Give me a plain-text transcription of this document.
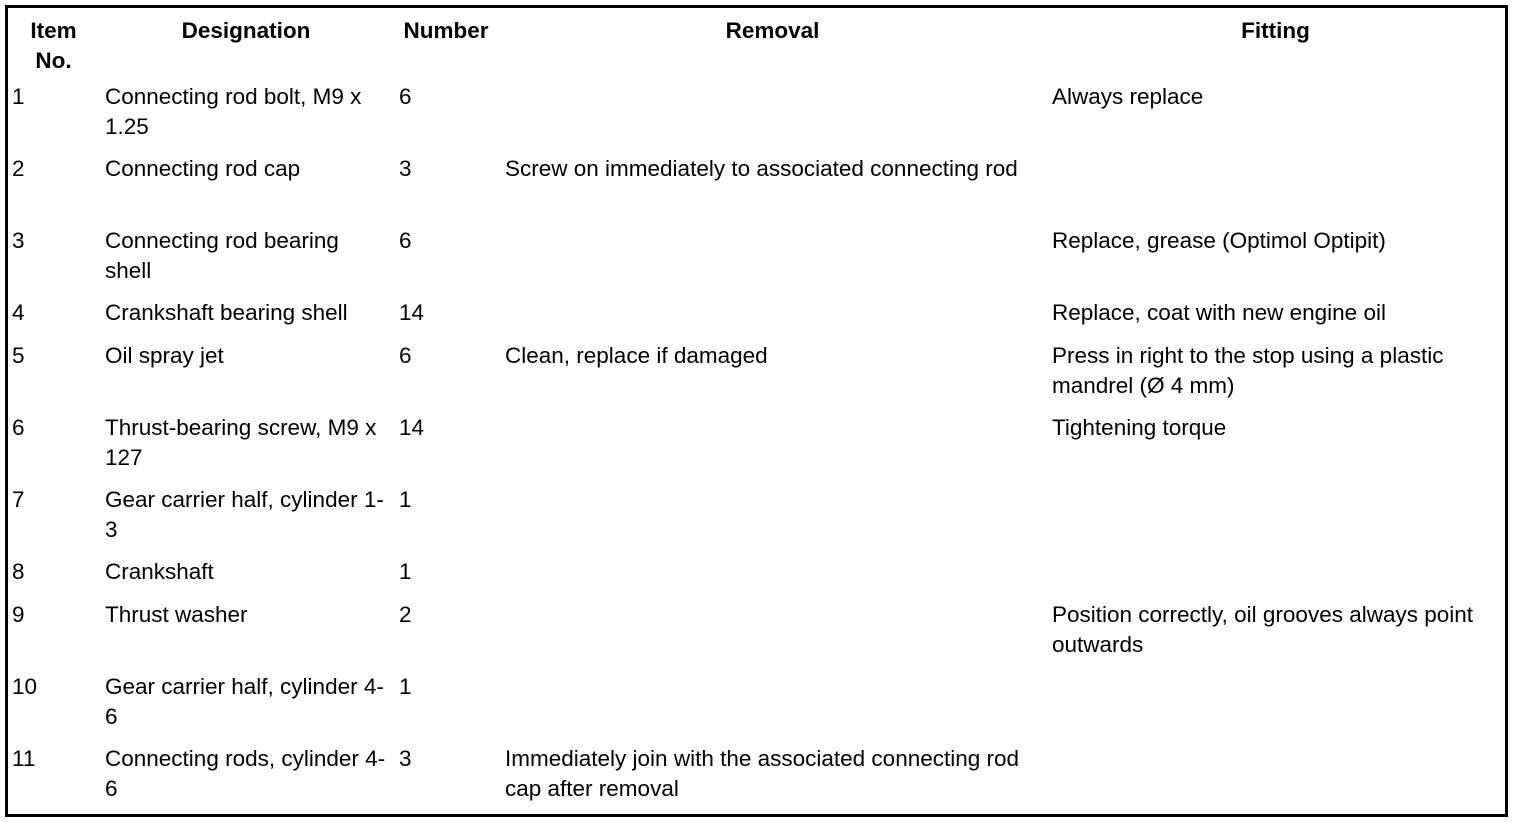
Item No.	Designation	Number	Removal	Fitting
1	Connecting rod bolt, M9 x 1.25	6		Always replace
2	Connecting rod cap	3	Screw on immediately to associated connecting rod	
3	Connecting rod bearing shell	6		Replace, grease (Optimol Optipit)
4	Crankshaft bearing shell	14		Replace, coat with new engine oil
5	Oil spray jet	6	Clean, replace if damaged	Press in right to the stop using a plastic mandrel (Ø 4 mm)
6	Thrust-bearing screw, M9 x 127	14		Tightening torque
7	Gear carrier half, cylinder 1-3	1		
8	Crankshaft	1		
9	Thrust washer	2		Position correctly, oil grooves always point outwards
10	Gear carrier half, cylinder 4-6	1		
11	Connecting rods, cylinder 4-6	3	Immediately join with the associated connecting rod cap after removal	
